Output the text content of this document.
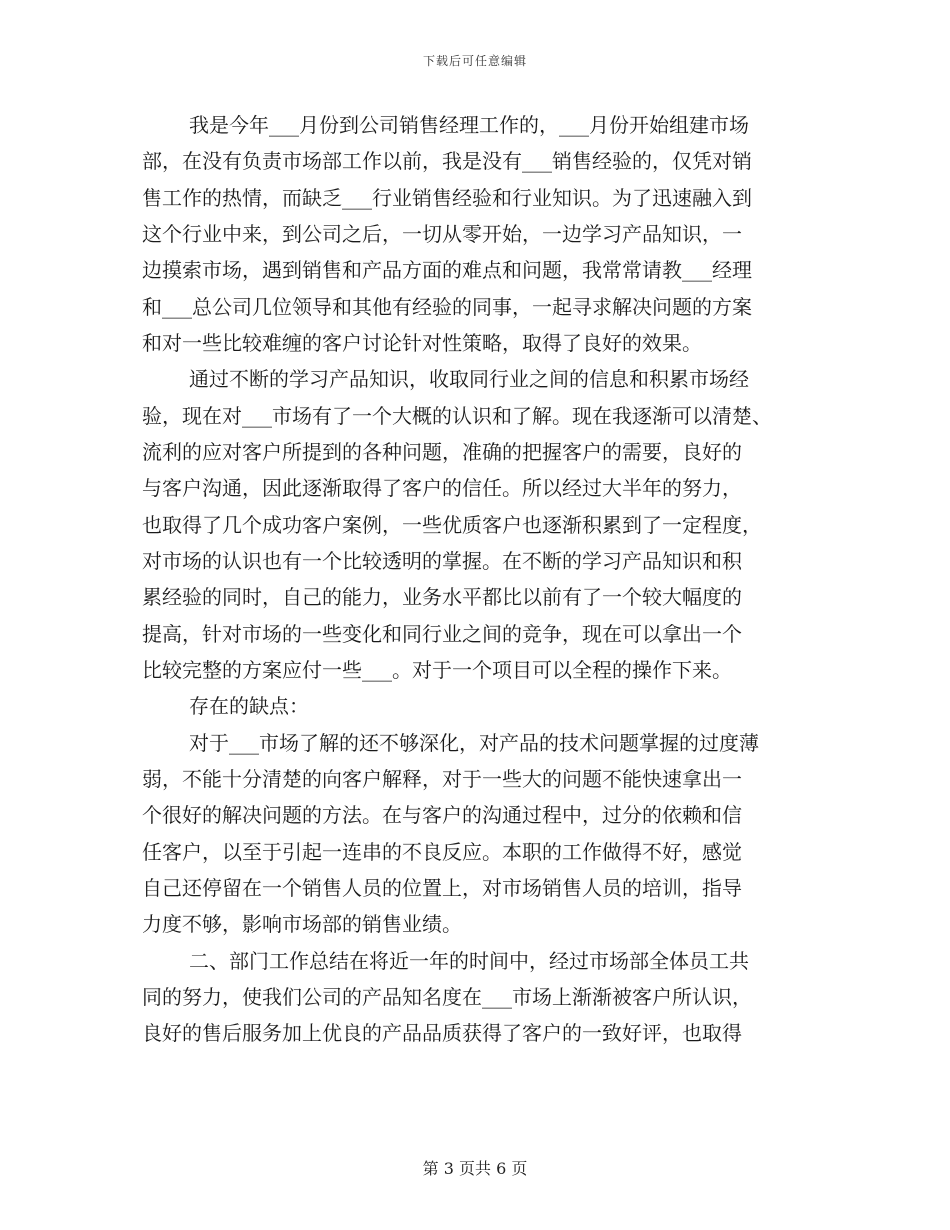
下载后可任意编辑
我是今年___月份到公司销售经理工作的，___月份开始组建市场
部，在没有负责市场部工作以前，我是没有___销售经验的，仅凭对销
售工作的热情，而缺乏___行业销售经验和行业知识。为了迅速融入到
这个行业中来，到公司之后，一切从零开始，一边学习产品知识，一
边摸索市场，遇到销售和产品方面的难点和问题，我常常请教___经理
和___总公司几位领导和其他有经验的同事，一起寻求解决问题的方案
和对一些比较难缠的客户讨论针对性策略，取得了良好的效果。
通过不断的学习产品知识，收取同行业之间的信息和积累市场经
验，现在对___市场有了一个大概的认识和了解。现在我逐渐可以清楚、
流利的应对客户所提到的各种问题，准确的把握客户的需要，良好的
与客户沟通，因此逐渐取得了客户的信任。所以经过大半年的努力，
也取得了几个成功客户案例，一些优质客户也逐渐积累到了一定程度，
对市场的认识也有一个比较透明的掌握。在不断的学习产品知识和积
累经验的同时，自己的能力，业务水平都比以前有了一个较大幅度的
提高，针对市场的一些变化和同行业之间的竞争，现在可以拿出一个
比较完整的方案应付一些___。对于一个项目可以全程的操作下来。
存在的缺点：
对于___市场了解的还不够深化，对产品的技术问题掌握的过度薄
弱，不能十分清楚的向客户解释，对于一些大的问题不能快速拿出一
个很好的解决问题的方法。在与客户的沟通过程中，过分的依赖和信
任客户，以至于引起一连串的不良反应。本职的工作做得不好，感觉
自己还停留在一个销售人员的位置上，对市场销售人员的培训，指导
力度不够，影响市场部的销售业绩。
二、部门工作总结在将近一年的时间中，经过市场部全体员工共
同的努力，使我们公司的产品知名度在___市场上渐渐被客户所认识，
良好的售后服务加上优良的产品品质获得了客户的一致好评，也取得
第 3 页共 6 页
